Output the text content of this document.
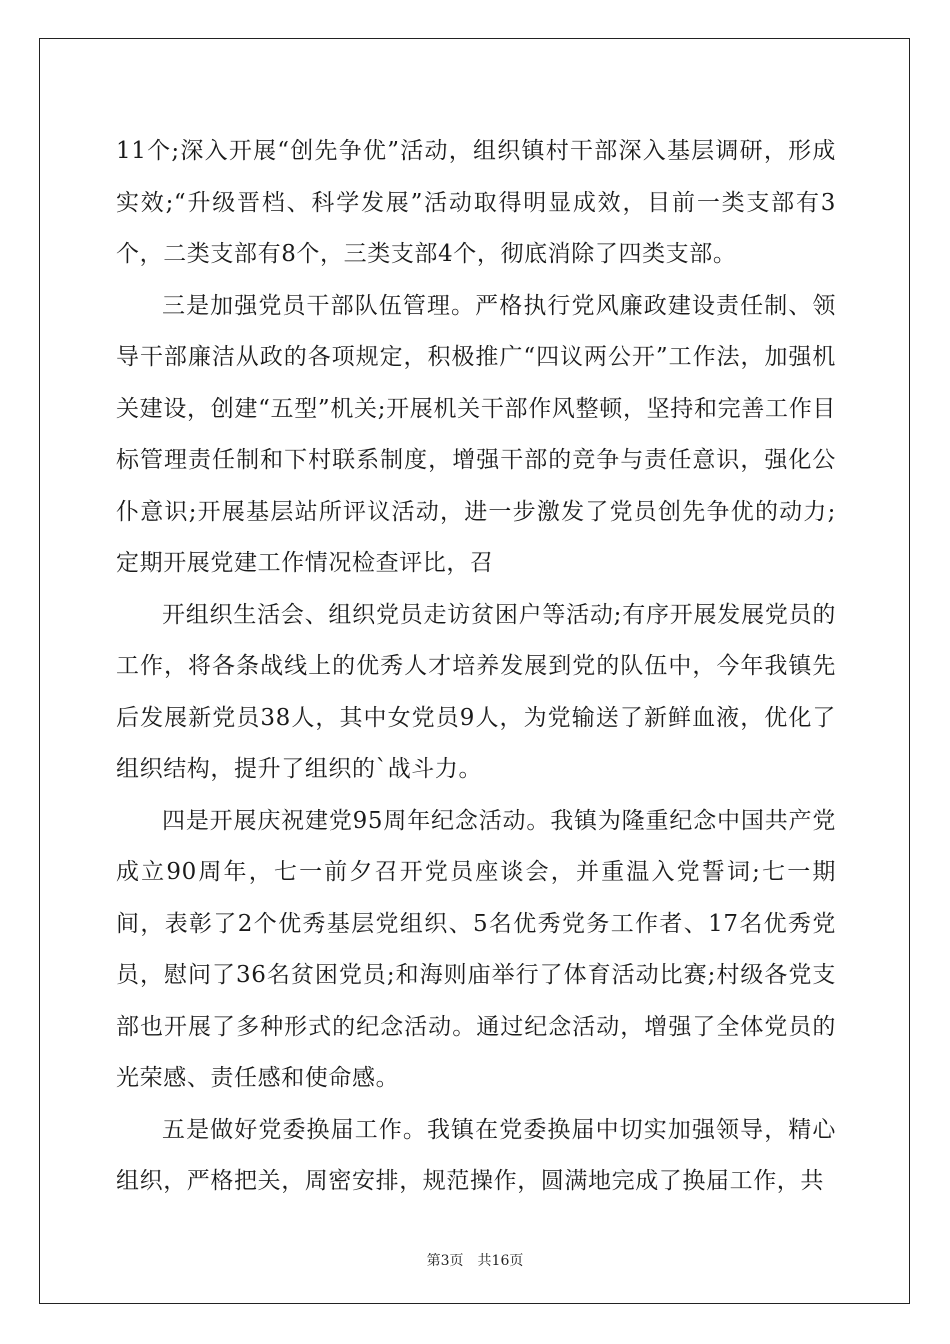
11个;深入开展“创先争优”活动，组织镇村干部深入基层调研，形成实效;“升级晋档、科学发展”活动取得明显成效，目前一类支部有3个，二类支部有8个，三类支部4个，彻底消除了四类支部。

三是加强党员干部队伍管理。严格执行党风廉政建设责任制、领导干部廉洁从政的各项规定，积极推广“四议两公开”工作法，加强机关建设，创建“五型”机关;开展机关干部作风整顿，坚持和完善工作目标管理责任制和下村联系制度，增强干部的竞争与责任意识，强化公仆意识;开展基层站所评议活动，进一步激发了党员创先争优的动力;定期开展党建工作情况检查评比，召

开组织生活会、组织党员走访贫困户等活动;有序开展发展党员的工作，将各条战线上的优秀人才培养发展到党的队伍中，今年我镇先后发展新党员38人，其中女党员9人，为党输送了新鲜血液，优化了组织结构，提升了组织的`战斗力。

四是开展庆祝建党95周年纪念活动。我镇为隆重纪念中国共产党成立90周年，七一前夕召开党员座谈会，并重温入党誓词;七一期间，表彰了2个优秀基层党组织、5名优秀党务工作者、17名优秀党员，慰问了36名贫困党员;和海则庙举行了体育活动比赛;村级各党支部也开展了多种形式的纪念活动。通过纪念活动，增强了全体党员的光荣感、责任感和使命感。

五是做好党委换届工作。我镇在党委换届中切实加强领导，精心组织，严格把关，周密安排，规范操作，圆满地完成了换届工作，共

第3页 共16页
